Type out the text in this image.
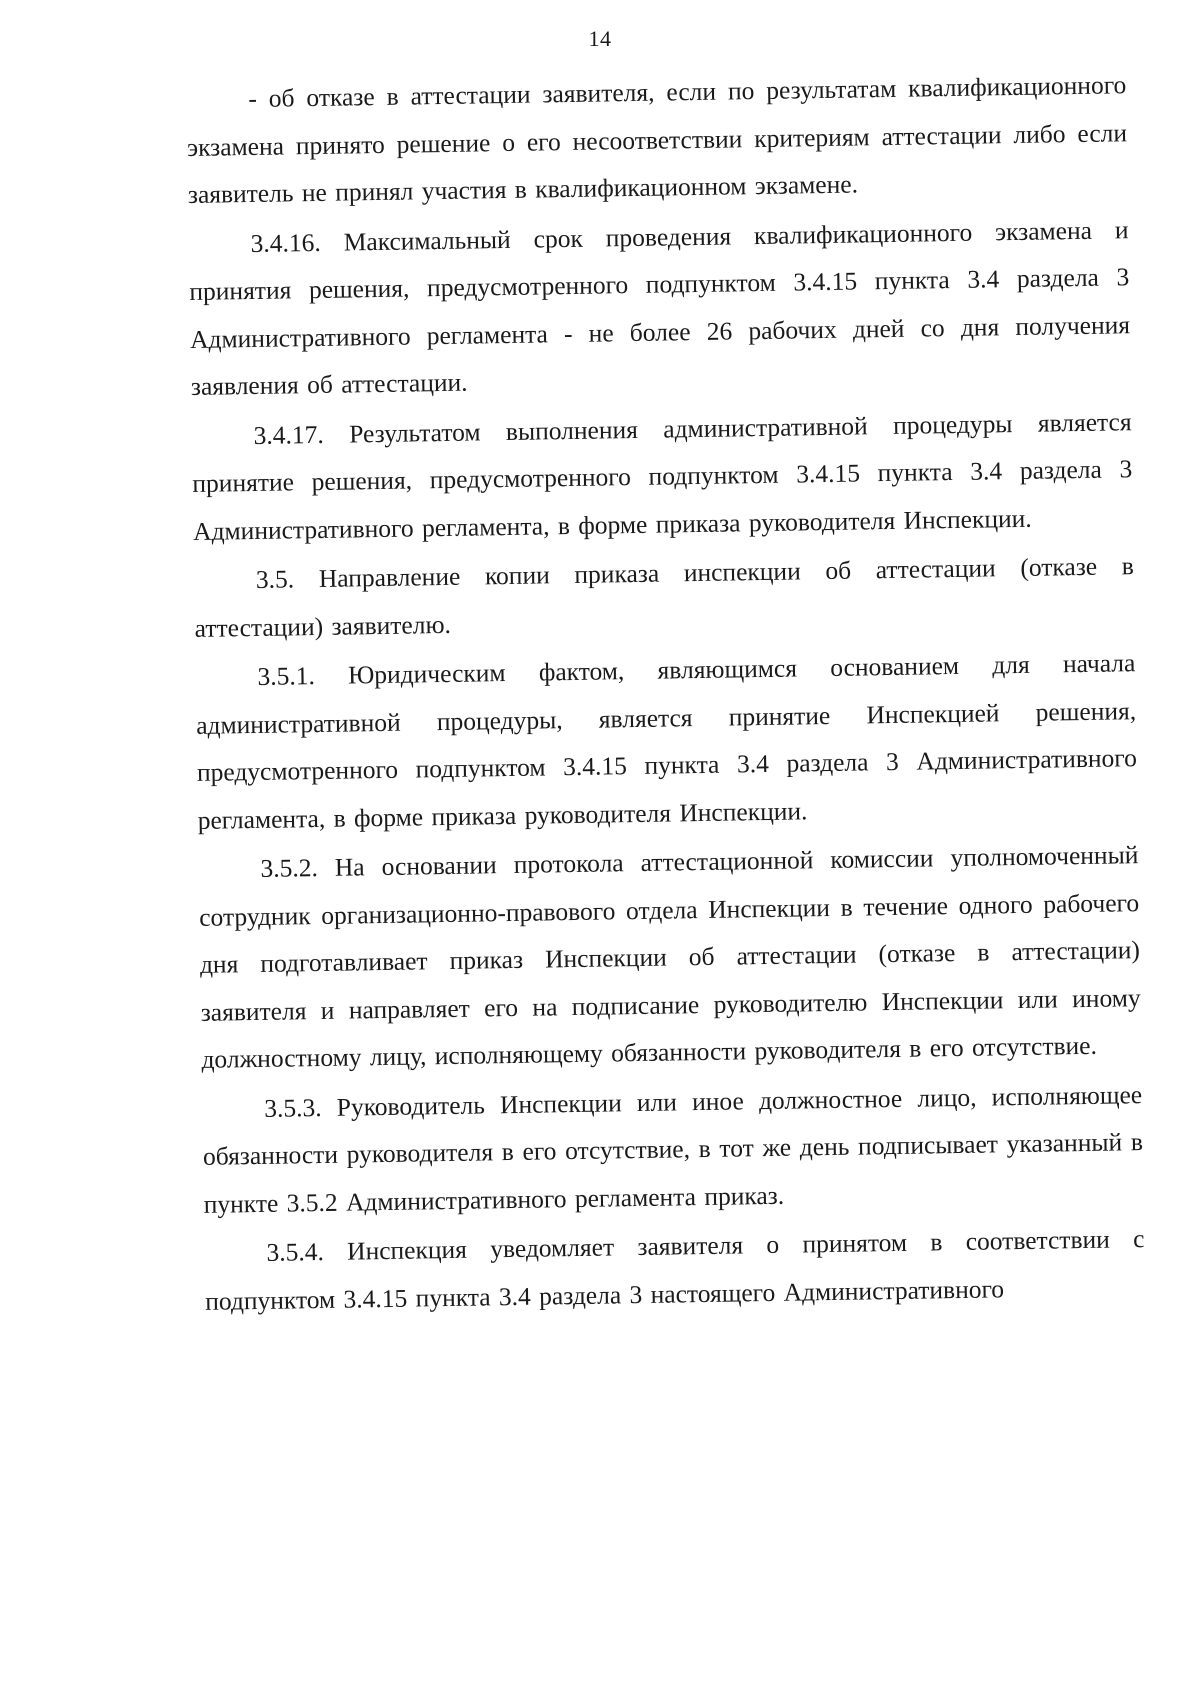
14

- об отказе в аттестации заявителя, если по результатам квалификационного экзамена принято решение о его несоответствии критериям аттестации либо если заявитель не принял участия в квалификационном экзамене.

3.4.16. Максимальный срок проведения квалификационного экзамена и принятия решения, предусмотренного подпунктом 3.4.15 пункта 3.4 раздела 3 Административного регламента - не более 26 рабочих дней со дня получения заявления об аттестации.

3.4.17. Результатом выполнения административной процедуры является принятие решения, предусмотренного подпунктом 3.4.15 пункта 3.4 раздела 3 Административного регламента, в форме приказа руководителя Инспекции.

3.5. Направление копии приказа инспекции об аттестации (отказе в аттестации) заявителю.

3.5.1. Юридическим фактом, являющимся основанием для начала административной процедуры, является принятие Инспекцией решения, предусмотренного подпунктом 3.4.15 пункта 3.4 раздела 3 Административного регламента, в форме приказа руководителя Инспекции.

3.5.2. На основании протокола аттестационной комиссии уполномоченный сотрудник организационно-правового отдела Инспекции в течение одного рабочего дня подготавливает приказ Инспекции об аттестации (отказе в аттестации) заявителя и направляет его на подписание руководителю Инспекции или иному должностному лицу, исполняющему обязанности руководителя в его отсутствие.

3.5.3. Руководитель Инспекции или иное должностное лицо, исполняющее обязанности руководителя в его отсутствие, в тот же день подписывает указанный в пункте 3.5.2 Административного регламента приказ.

3.5.4. Инспекция уведомляет заявителя о принятом в соответствии с подпунктом 3.4.15 пункта 3.4 раздела 3 настоящего Административного
